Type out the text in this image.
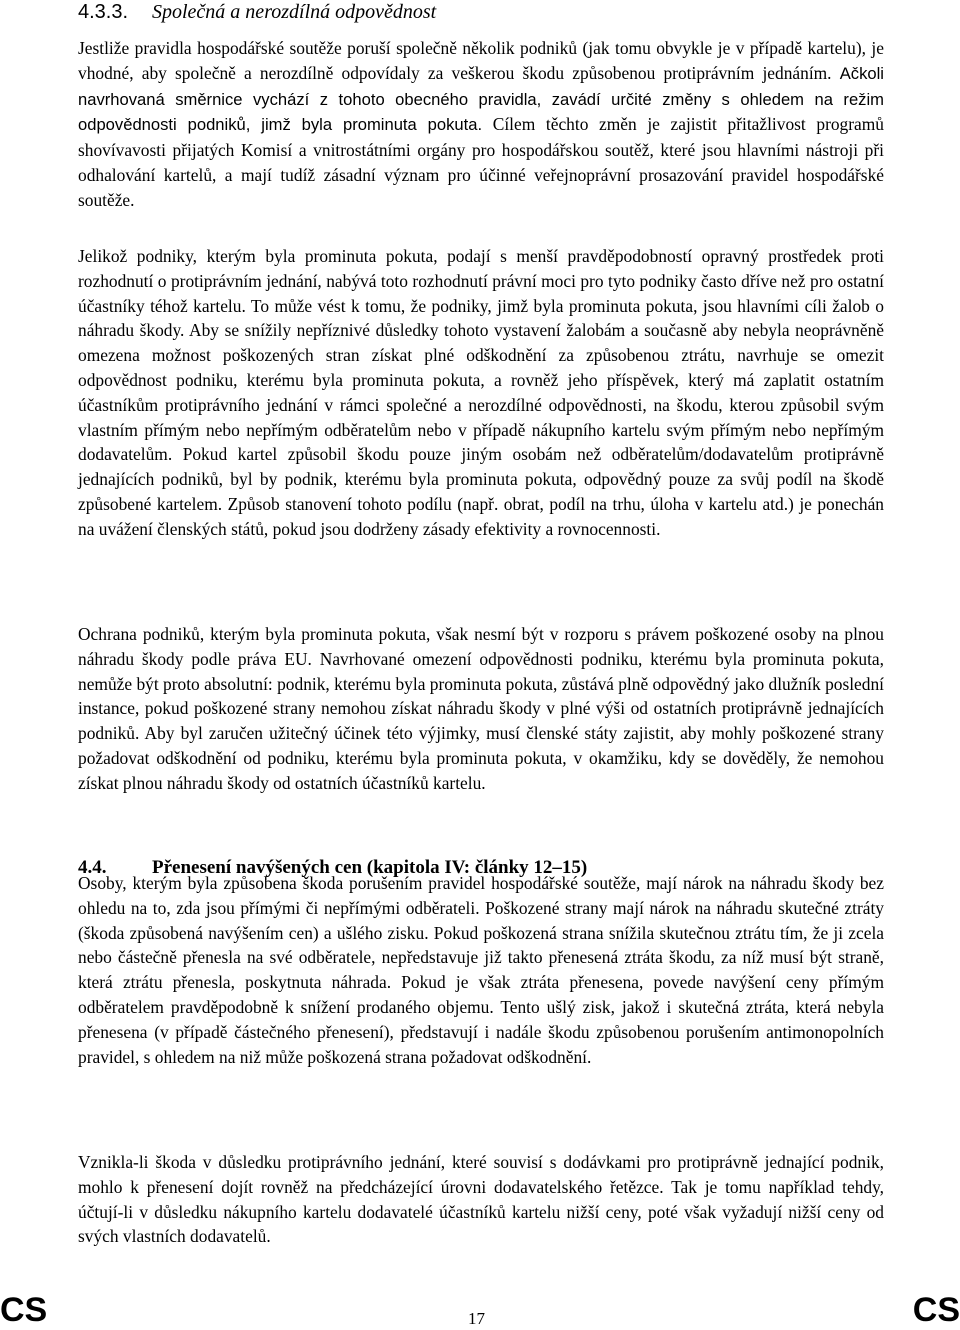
4.3.3. Společná a nerozdílná odpovědnost

Jestliže pravidla hospodářské soutěže poruší společně několik podniků (jak tomu obvykle je v případě kartelu), je vhodné, aby společně a nerozdílně odpovídaly za veškerou škodu způsobenou protiprávním jednáním. Ačkoli navrhovaná směrnice vychází z tohoto obecného pravidla, zavádí určité změny s ohledem na režim odpovědnosti podniků, jimž byla prominuta pokuta. Cílem těchto změn je zajistit přitažlivost programů shovívavosti přijatých Komisí a vnitrostátními orgány pro hospodářskou soutěž, které jsou hlavními nástroji při odhalování kartelů, a mají tudíž zásadní význam pro účinné veřejnoprávní prosazování pravidel hospodářské soutěže.

Jelikož podniky, kterým byla prominuta pokuta, podají s menší pravděpodobností opravný prostředek proti rozhodnutí o protiprávním jednání, nabývá toto rozhodnutí právní moci pro tyto podniky často dříve než pro ostatní účastníky téhož kartelu. To může vést k tomu, že podniky, jimž byla prominuta pokuta, jsou hlavními cíli žalob o náhradu škody. Aby se snížily nepříznivé důsledky tohoto vystavení žalobám a současně aby nebyla neoprávněně omezena možnost poškozených stran získat plné odškodnění za způsobenou ztrátu, navrhuje se omezit odpovědnost podniku, kterému byla prominuta pokuta, a rovněž jeho příspěvek, který má zaplatit ostatním účastníkům protiprávního jednání v rámci společné a nerozdílné odpovědnosti, na škodu, kterou způsobil svým vlastním přímým nebo nepřímým odběratelům nebo v případě nákupního kartelu svým přímým nebo nepřímým dodavatelům. Pokud kartel způsobil škodu pouze jiným osobám než odběratelům/dodavatelům protiprávně jednajících podniků, byl by podnik, kterému byla prominuta pokuta, odpovědný pouze za svůj podíl na škodě způsobené kartelem. Způsob stanovení tohoto podílu (např. obrat, podíl na trhu, úloha v kartelu atd.) je ponechán na uvážení členských států, pokud jsou dodrženy zásady efektivity a rovnocennosti.

Ochrana podniků, kterým byla prominuta pokuta, však nesmí být v rozporu s právem poškozené osoby na plnou náhradu škody podle práva EU. Navrhované omezení odpovědnosti podniku, kterému byla prominuta pokuta, nemůže být proto absolutní: podnik, kterému byla prominuta pokuta, zůstává plně odpovědný jako dlužník poslední instance, pokud poškozené strany nemohou získat náhradu škody v plné výši od ostatních protiprávně jednajících podniků. Aby byl zaručen užitečný účinek této výjimky, musí členské státy zajistit, aby mohly poškozené strany požadovat odškodnění od podniku, kterému byla prominuta pokuta, v okamžiku, kdy se dověděly, že nemohou získat plnou náhradu škody od ostatních účastníků kartelu.

4.4. Přenesení navýšených cen (kapitola IV: články 12–15)

Osoby, kterým byla způsobena škoda porušením pravidel hospodářské soutěže, mají nárok na náhradu škody bez ohledu na to, zda jsou přímými či nepřímými odběrateli. Poškozené strany mají nárok na náhradu skutečné ztráty (škoda způsobená navýšením cen) a ušlého zisku. Pokud poškozená strana snížila skutečnou ztrátu tím, že ji zcela nebo částečně přenesla na své odběratele, nepředstavuje již takto přenesená ztráta škodu, za níž musí být straně, která ztrátu přenesla, poskytnuta náhrada. Pokud je však ztráta přenesena, povede navýšení ceny přímým odběratelem pravděpodobně k snížení prodaného objemu. Tento ušlý zisk, jakož i skutečná ztráta, která nebyla přenesena (v případě částečného přenesení), představují i nadále škodu způsobenou porušením antimonopolních pravidel, s ohledem na niž může poškozená strana požadovat odškodnění.

Vznikla-li škoda v důsledku protiprávního jednání, které souvisí s dodávkami pro protiprávně jednající podnik, mohlo k přenesení dojít rovněž na předcházející úrovni dodavatelského řetězce. Tak je tomu například tehdy, účtují-li v důsledku nákupního kartelu dodavatelé účastníků kartelu nižší ceny, poté však vyžadují nižší ceny od svých vlastních dodavatelů.

CS	17	CS
